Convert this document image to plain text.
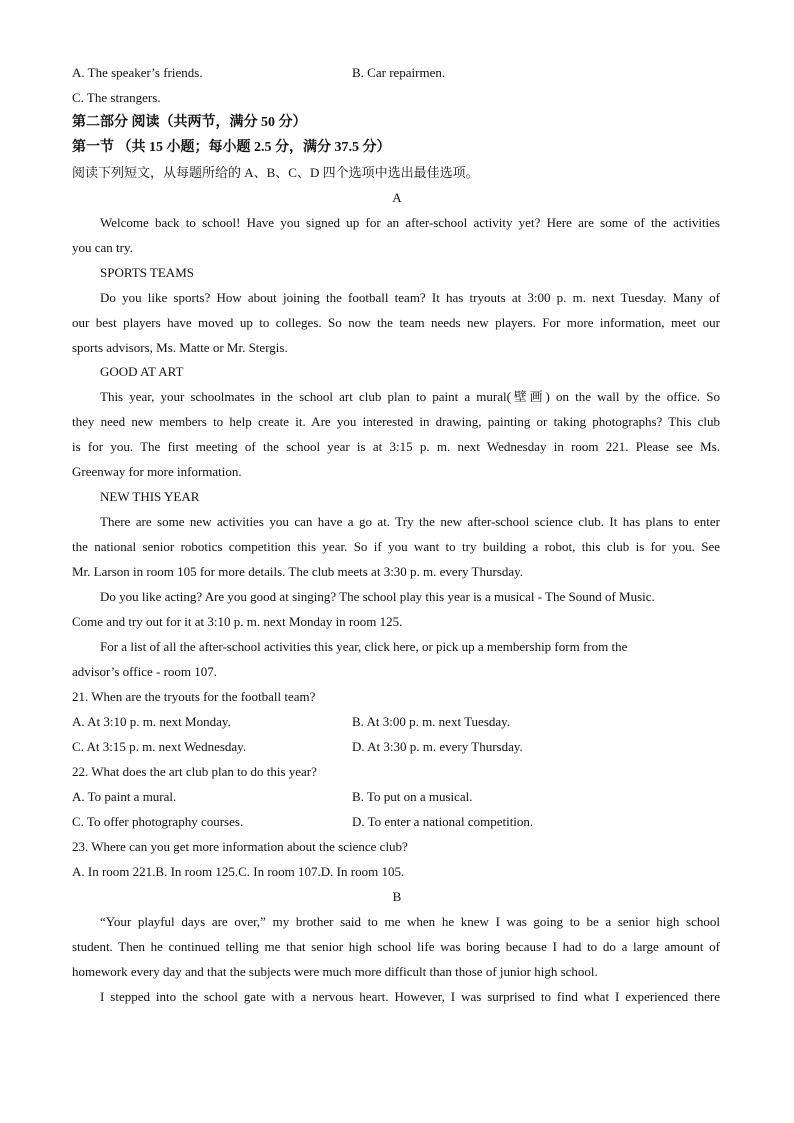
A. The speaker’s friends.	B. Car repairmen.
C. The strangers.
第二部分 阅读（共两节，满分 50 分）
第一节 （共 15 小题；每小题 2.5 分，满分 37.5 分）
阅读下列短文，从每题所给的 A、B、C、D 四个选项中选出最佳选项。
A
Welcome back to school! Have you signed up for an after-school activity yet? Here are some of the activities
you can try.
SPORTS TEAMS
Do you like sports? How about joining the football team? It has tryouts at 3:00 p. m. next Tuesday. Many of
our best players have moved up to colleges. So now the team needs new players. For more information, meet our
sports advisors, Ms. Matte or Mr. Stergis.
GOOD AT ART
This year, your schoolmates in the school art club plan to paint a mural(壁画) on the wall by the office. So
they need new members to help create it. Are you interested in drawing, painting or taking photographs? This club
is for you. The first meeting of the school year is at 3:15 p. m. next Wednesday in room 221. Please see Ms.
Greenway for more information.
NEW THIS YEAR
There are some new activities you can have a go at. Try the new after-school science club. It has plans to enter
the national senior robotics competition this year. So if you want to try building a robot, this club is for you. See
Mr. Larson in room 105 for more details. The club meets at 3:30 p. m. every Thursday.
Do you like acting? Are you good at singing? The school play this year is a musical - The Sound of Music.
Come and try out for it at 3:10 p. m. next Monday in room 125.
For a list of all the after-school activities this year, click here, or pick up a membership form from the
advisor’s office - room 107.
21. When are the tryouts for the football team?
A. At 3:10 p. m. next Monday.	B. At 3:00 p. m. next Tuesday.
C. At 3:15 p. m. next Wednesday.	D. At 3:30 p. m. every Thursday.
22. What does the art club plan to do this year?
A. To paint a mural.	B. To put on a musical.
C. To offer photography courses.	D. To enter a national competition.
23. Where can you get more information about the science club?
A. In room 221.B. In room 125.C. In room 107.D. In room 105.
B
“Your playful days are over,” my brother said to me when he knew I was going to be a senior high school
student. Then he continued telling me that senior high school life was boring because I had to do a large amount of
homework every day and that the subjects were much more difficult than those of junior high school.
I stepped into the school gate with a nervous heart. However, I was surprised to find what I experienced there
